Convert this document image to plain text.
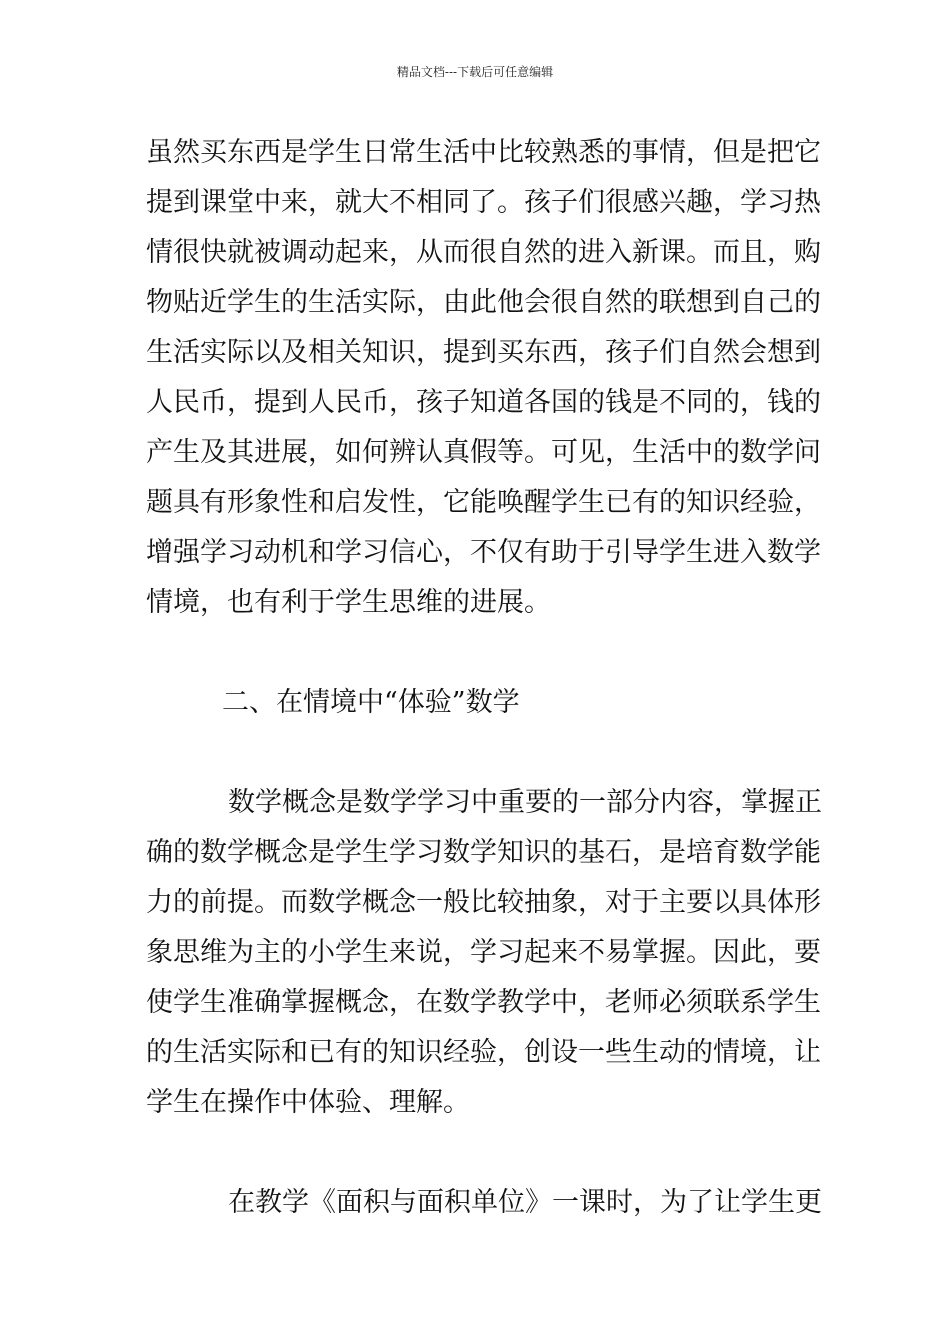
精品文档---下载后可任意编辑
虽然买东西是学生日常生活中比较熟悉的事情，但是把它
提到课堂中来，就大不相同了。孩子们很感兴趣，学习热
情很快就被调动起来，从而很自然的进入新课。而且，购
物贴近学生的生活实际，由此他会很自然的联想到自己的
生活实际以及相关知识，提到买东西，孩子们自然会想到
人民币，提到人民币，孩子知道各国的钱是不同的，钱的
产生及其进展，如何辨认真假等。可见，生活中的数学问
题具有形象性和启发性，它能唤醒学生已有的知识经验，
增强学习动机和学习信心，不仅有助于引导学生进入数学
情境，也有利于学生思维的进展。
二、在情境中“体验”数学
数学概念是数学学习中重要的一部分内容，掌握正
确的数学概念是学生学习数学知识的基石，是培育数学能
力的前提。而数学概念一般比较抽象，对于主要以具体形
象思维为主的小学生来说，学习起来不易掌握。因此，要
使学生准确掌握概念，在数学教学中，老师必须联系学生
的生活实际和已有的知识经验，创设一些生动的情境，让
学生在操作中体验、理解。
在教学《面积与面积单位》一课时，为了让学生更
